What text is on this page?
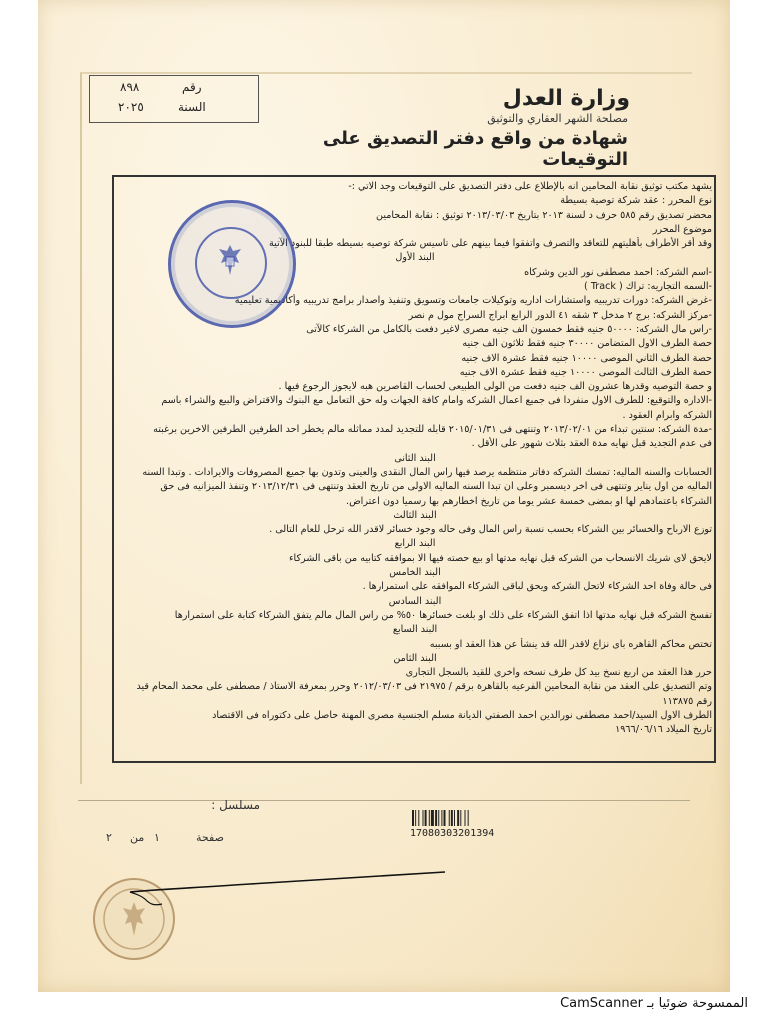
رقم
٨٩٨
السنة
٢٠٢٥	وزارة العدل
مصلحة الشهر العقاري والتوثيق
شهادة من واقع دفتر التصديق على التوقيعات
يشهد مكتب توثيق نقابة المحامين انه بالإطلاع على دفتر التصديق على التوقيعات وجد الاتي :-
نوع المحرر : عقد شركة توصية بسيطة
محضر تصديق رقم ٥٨٥ حرف د لسنة ٢٠١٣ بتاريخ ٢٠١٣/٠٣/٠٣ توثيق : نقابة المحامين
موضوع المحرر
وقد أقر الأطراف بأهليتهم للتعاقد والتصرف واتفقوا فيما بينهم على تاسيس شركة توصيه بسيطه طبقا للبنود الآتية
البند الأول
-اسم الشركه: احمد مصطفى نور الدين وشركاه
-السمه التجاريه: تراك ( Track )
-غرض الشركه: دورات تدريبيه واستشارات اداريه وتوكيلات جامعات وتسويق وتنفيذ واصدار برامج تدريبيه وأكاديمية تعليمية
-مركز الشركه: برج ٢ مدخل ٣ شقه ٤١ الدور الرابع ابراج السراج مول م نصر
-راس مال الشركه: ٥٠٠٠٠ جنيه فقط خمسون الف جنيه مصرى لاغير دفعت بالكامل من الشركاء كالآتى
حصة الطرف الاول المتضامن ٣٠٠٠٠ جنيه فقط ثلاثون الف جنيه
حصة الطرف الثاني الموصى ١٠٠٠٠ جنيه فقط عشرة الاف جنيه
حصة الطرف الثالث الموصى ١٠٠٠٠ جنيه فقط عشرة الاف جنيه
و حصة التوصيه وقدرها عشرون الف جنيه دفعت من الولى الطبيعى لحساب القاصرين هبه لايجوز الرجوع فيها .
-الاداره والتوقيع: للطرف الاول منفردا فى جميع اعمال الشركه وامام كافة الجهات وله حق التعامل مع البنوك والاقتراض والبيع والشراء باسم
الشركه وابرام العقود .
-مدة الشركه: سنتين تبداء من ٢٠١٣/٠٢/٠١ وتنتهى فى ٢٠١٥/٠١/٣١ قابله للتجديد لمدد مماثله مالم يخطر احد الطرفين الطرفين الاخرين برغبته
فى عدم التجديد قبل نهايه مدة العقد بثلاث شهور على الأقل .
البند الثانى
الحسابات والسنه الماليه: تمسك الشركه دفاتر منتظمه يرصد فيها راس المال النقدى والعينى وتدون بها جميع المصروفات والايرادات . وتبدا السنه
الماليه من اول يناير وتنتهى فى اخر ديسمبر وعلى ان تبدا السنه الماليه الاولى من تاريخ العقد وتنتهى فى ٢٠١٣/١٢/٣١ وتنفذ الميزانيه فى حق
الشركاء باعتمادهم لها او بمضى خمسة عشر يوما من تاريخ اخطارهم بها رسميا دون اعتراض.
البند الثالث
توزع الارباح والخسائر بين الشركاء بحسب نسبة راس المال وفى حاله وجود خسائر لاقدر الله ترحل للعام التالى .
البند الرابع
لايحق لاى شريك الانسحاب من الشركه قبل نهايه مدتها او بيع حصته فيها الا بموافقه كتابيه من باقى الشركاء
البند الخامس
فى حالة وفاة احد الشركاء لاتحل الشركه ويحق لباقى الشركاء الموافقه على استمرارها .
البند السادس
تفسخ الشركه قبل نهايه مدتها اذا اتفق الشركاء على ذلك او بلغت خسائرها ٥٠% من راس المال مالم يتفق الشركاء كتابة على استمرارها
البند السابع
تختص محاكم القاهره باى نزاع لاقدر الله قد ينشأ عن هذا العقد او بسببه
البند الثامن
حرر هذا العقد من اربع نسخ بيد كل طرف نسخه واخرى للقيد بالسجل التجارى
وتم التصديق على العقد من نقابة المحامين الفرعيه بالقاهرة برقم / ٢١٩٧٥ فى ٢٠١٢/٠٣/٠٣ وحرر بمعرفة الاستاذ / مصطفى على محمد المحام قيد
رقم ١١٣٨٧٥
الطرف الاول السيد/احمد مصطفى نورالدين احمد الصفتي الديانة مسلم الجنسية مصرى المهنة حاصل على دكتوراه فى الاقتصاد
تاريخ الميلاد ١٩٦٦/٠٦/١٦
مسلسل :
17080303201394
صفحة
١
من
٢
الممسوحة ضوئيا بـ CamScanner
